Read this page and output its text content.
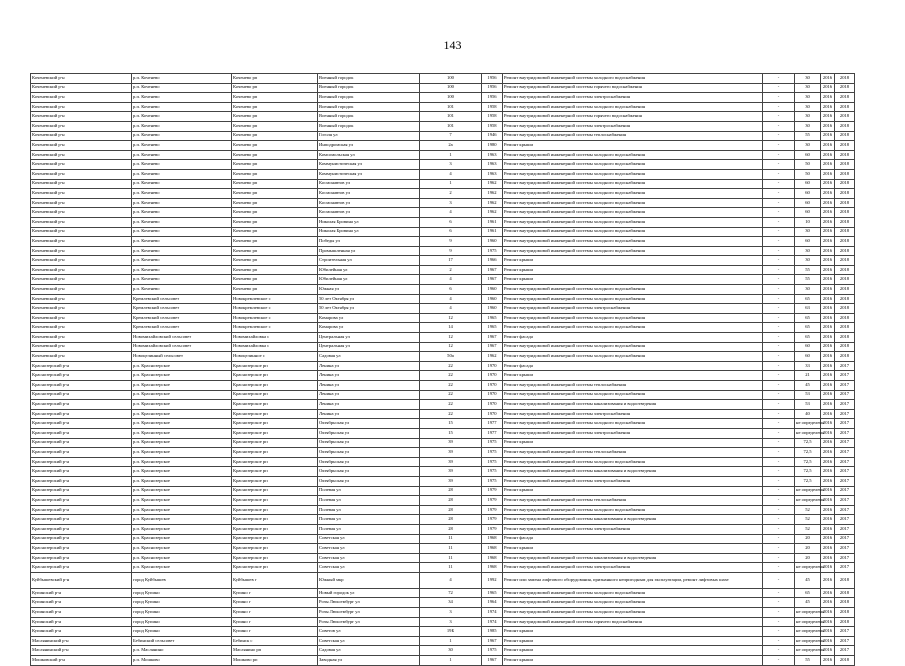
143
Коченевский р-н	р.п. Коченево	Коченево рп	Военный городок	100	1956	Ремонт внутридомовой инженерной системы холодного водоснабжения	-	30	2016	2018
Коченевский р-н	р.п. Коченево	Коченево рп	Военный городок	100	1956	Ремонт внутридомовой инженерной системы горячего водоснабжения	-	30	2016	2018
Коченевский р-н	р.п. Коченево	Коченево рп	Военный городок	100	1956	Ремонт внутридомовой инженерной системы электроснабжения	-	30	2016	2018
Коченевский р-н	р.п. Коченево	Коченево рп	Военный городок	101	1958	Ремонт внутридомовой инженерной системы холодного водоснабжения	-	30	2016	2018
Коченевский р-н	р.п. Коченево	Коченево рп	Военный городок	101	1958	Ремонт внутридомовой инженерной системы горячего водоснабжения	-	30	2016	2018
Коченевский р-н	р.п. Коченево	Коченево рп	Военный городок	101	1958	Ремонт внутридомовой инженерной системы электроснабжения	-	30	2016	2018
Коченевский р-н	р.п. Коченево	Коченево рп	Гоголя ул	7	1946	Ремонт внутридомовой инженерной системы теплоснабжения	-	55	2016	2018
Коченевский р-н	р.п. Коченево	Коченево рп	Инподромская ул	2а	1980	Ремонт крыши	-	30	2016	2018
Коченевский р-н	р.п. Коченево	Коченево рп	Комсомольская ул	1	1963	Ремонт внутридомовой инженерной системы холодного водоснабжения	-	60	2016	2018
Коченевский р-н	р.п. Коченево	Коченево рп	Коммунистическая ул	3	1963	Ремонт внутридомовой инженерной системы холодного водоснабжения	-	50	2016	2018
Коченевский р-н	р.п. Коченево	Коченево рп	Коммунистическая ул	4	1963	Ремонт внутридомовой инженерной системы холодного водоснабжения	-	50	2016	2018
Коченевский р-н	р.п. Коченево	Коченево рп	Космонавтов ул	1	1962	Ремонт внутридомовой инженерной системы холодного водоснабжения	-	60	2016	2018
Коченевский р-н	р.п. Коченево	Коченево рп	Космонавтов ул	2	1962	Ремонт внутридомовой инженерной системы холодного водоснабжения	-	60	2016	2018
Коченевский р-н	р.п. Коченево	Коченево рп	Космонавтов ул	3	1962	Ремонт внутридомовой инженерной системы холодного водоснабжения	-	60	2016	2018
Коченевский р-н	р.п. Коченево	Коченево рп	Космонавтов ул	4	1962	Ремонт внутридомовой инженерной системы холодного водоснабжения	-	60	2016	2018
Коченевский р-н	р.п. Коченево	Коченево рп	Николая Бровина ул	6	1961	Ремонт внутридомовой инженерной системы холодного водоснабжения	-	10	2016	2018
Коченевский р-н	р.п. Коченево	Коченево рп	Николая Бровина ул	6	1961	Ремонт внутридомовой инженерной системы холодного водоснабжения	-	30	2016	2018
Коченевский р-н	р.п. Коченево	Коченево рп	Победы ул	9	1960	Ремонт внутридомовой инженерной системы холодного водоснабжения	-	60	2016	2018
Коченевский р-н	р.п. Коченево	Коченево рп	Промышленная ул	9	1975	Ремонт внутридомовой инженерной системы холодного водоснабжения	-	30	2016	2018
Коченевский р-н	р.п. Коченево	Коченево рп	Строительная ул	17	1966	Ремонт крыши	-	30	2016	2018
Коченевский р-н	р.п. Коченево	Коченево рп	Юбилейная ул	2	1967	Ремонт крыши	-	55	2016	2018
Коченевский р-н	р.п. Коченево	Коченево рп	Юбилейная ул	4	1967	Ремонт крыши	-	55	2016	2018
Коченевский р-н	р.п. Коченево	Коченево рп	Южная ул	6	1960	Ремонт внутридомовой инженерной системы холодного водоснабжения	-	30	2016	2018
Коченевский р-н	Кремлевский сельсовет	Новокремлевское с	50 лет Октября ул	4	1960	Ремонт внутридомовой инженерной системы холодного водоснабжения	-	65	2016	2018
Коченевский р-н	Кремлевский сельсовет	Новокремлевское с	50 лет Октября ул	4	1960	Ремонт внутридомовой инженерной системы электроснабжения	-	63	2016	2018
Коченевский р-н	Кремлевский сельсовет	Новокремлевское с	Комарова ул	12	1965	Ремонт внутридомовой инженерной системы холодного водоснабжения	-	65	2016	2018
Коченевский р-н	Кремлевский сельсовет	Новокремлевское с	Комарова ул	14	1965	Ремонт внутридомовой инженерной системы холодного водоснабжения	-	65	2016	2018
Коченевский р-н	Новомихайловский сельсовет	Новомихайловка с	Центральная ул	12	1967	Ремонт фасада	-	65	2016	2018
Коченевский р-н	Новомихайловский сельсовет	Новомихайловка с	Центральная ул	12	1967	Ремонт внутридомовой инженерной системы холодного водоснабжения	-	60	2016	2018
Коченевский р-н	Новоцелинный сельсовет	Новоцелинное с	Садовая ул	50а	1962	Ремонт внутридомовой инженерной системы холодного водоснабжения	-	60	2016	2018
Краснозерский р-н	р.п. Краснозерское	Краснозерское рп	Ленина ул	22	1970	Ремонт фасада	-	33	2016	2017
Краснозерский р-н	р.п. Краснозерское	Краснозерское рп	Ленина ул	22	1970	Ремонт крыши	-	21	2016	2017
Краснозерский р-н	р.п. Краснозерское	Краснозерское рп	Ленина ул	22	1970	Ремонт внутридомовой инженерной системы теплоснабжения	-	45	2016	2017
Краснозерский р-н	р.п. Краснозерское	Краснозерское рп	Ленина ул	22	1970	Ремонт внутридомовой инженерной системы холодного водоснабжения	-	53	2016	2017
Краснозерский р-н	р.п. Краснозерское	Краснозерское рп	Ленина ул	22	1970	Ремонт внутридомовой инженерной системы канализования и водоотведения	-	53	2016	2017
Краснозерский р-н	р.п. Краснозерское	Краснозерское рп	Ленина ул	22	1970	Ремонт внутридомовой инженерной системы электроснабжения	-	40	2016	2017
Краснозерский р-н	р.п. Краснозерское	Краснозерское рп	Октябрьская ул	15	1977	Ремонт внутридомовой инженерной системы холодного водоснабжения	-	не определена	2016	2017
Краснозерский р-н	р.п. Краснозерское	Краснозерское рп	Октябрьская ул	15	1977	Ремонт внутридомовой инженерной системы электроснабжения	-	не определена	2016	2017
Краснозерский р-н	р.п. Краснозерское	Краснозерское рп	Октябрьская ул	39	1975	Ремонт крыши	-	72,5	2016	2017
Краснозерский р-н	р.п. Краснозерское	Краснозерское рп	Октябрьская ул	39	1975	Ремонт внутридомовой инженерной системы теплоснабжения	-	72,5	2016	2017
Краснозерский р-н	р.п. Краснозерское	Краснозерское рп	Октябрьская ул	39	1975	Ремонт внутридомовой инженерной системы холодного водоснабжения	-	72,5	2016	2017
Краснозерский р-н	р.п. Краснозерское	Краснозерское рп	Октябрьская ул	39	1975	Ремонт внутридомовой инженерной системы канализования и водоотведения	-	72,5	2016	2017
Краснозерский р-н	р.п. Краснозерское	Краснозерское рп	Октябрьская ул	39	1975	Ремонт внутридомовой инженерной системы электроснабжения	-	72,5	2016	2017
Краснозерский р-н	р.п. Краснозерское	Краснозерское рп	Полевая ул	28	1979	Ремонт крыши	-	не определена	2016	2017
Краснозерский р-н	р.п. Краснозерское	Краснозерское рп	Полевая ул	28	1979	Ремонт внутридомовой инженерной системы теплоснабжения	-	не определена	2016	2017
Краснозерский р-н	р.п. Краснозерское	Краснозерское рп	Полевая ул	28	1979	Ремонт внутридомовой инженерной системы холодного водоснабжения	-	52	2016	2017
Краснозерский р-н	р.п. Краснозерское	Краснозерское рп	Полевая ул	28	1979	Ремонт внутридомовой инженерной системы канализования и водоотведения	-	52	2016	2017
Краснозерский р-н	р.п. Краснозерское	Краснозерское рп	Полевая ул	28	1979	Ремонт внутридомовой инженерной системы электроснабжения	-	52	2016	2017
Краснозерский р-н	р.п. Краснозерское	Краснозерское рп	Советская ул	11	1968	Ремонт фасада	-	20	2016	2017
Краснозерский р-н	р.п. Краснозерское	Краснозерское рп	Советская ул	11	1968	Ремонт крыши	-	20	2016	2017
Краснозерский р-н	р.п. Краснозерское	Краснозерское рп	Советская ул	11	1968	Ремонт внутридомовой инженерной системы канализования и водоотведения	-	20	2016	2017
Краснозерский р-н	р.п. Краснозерское	Краснозерское рп	Советская ул	11	1968	Ремонт внутридомовой инженерной системы электроснабжения	-	не определена	2016	2017
Куйбышевский р-н	город Куйбышев	Куйбышев г	Южный мкр	4	1992	Ремонт или замена лифтового оборудования, признанного непригодным для эксплуатации, ремонт лифтовых шахт	-	45	2016	2018
Купинский р-н	город Купино	Купино г	Новый городок ул	72	1965	Ремонт внутридомовой инженерной системы холодного водоснабжения	-	65	2016	2018
Купинский р-н	город Купино	Купино г	Розы Люксембург ул	34	1964	Ремонт внутридомовой инженерной системы холодного водоснабжения	-	45	2016	2018
Купинский р-н	город Купино	Купино г	Розы Люксембург ул	3	1974	Ремонт внутридомовой инженерной системы холодного водоснабжения	-	не определена	2016	2018
Купинский р-н	город Купино	Купино г	Розы Люксембург ул	3	1974	Ремонт внутридомовой инженерной системы горячего водоснабжения	-	не определена	2016	2018
Купинский р-н	город Купино	Купино г	Советов ул	19Б	1985	Ремонт крыши	-	не определена	2016	2017
Маслянинский р-н	Бебинский сельсовет	Бебинск с	Советская ул	1	1967	Ремонт крыши	-	не определена	2016	2017
Маслянинский р-н	р.п. Маслянино	Маслянино рп	Садовая ул	30	1975	Ремонт крыши	-	не определена	2016	2017
Мошковский р-н	р.п. Мошково	Мошково рп	Заводная ул	1	1967	Ремонт крыши	-	55	2016	2018
